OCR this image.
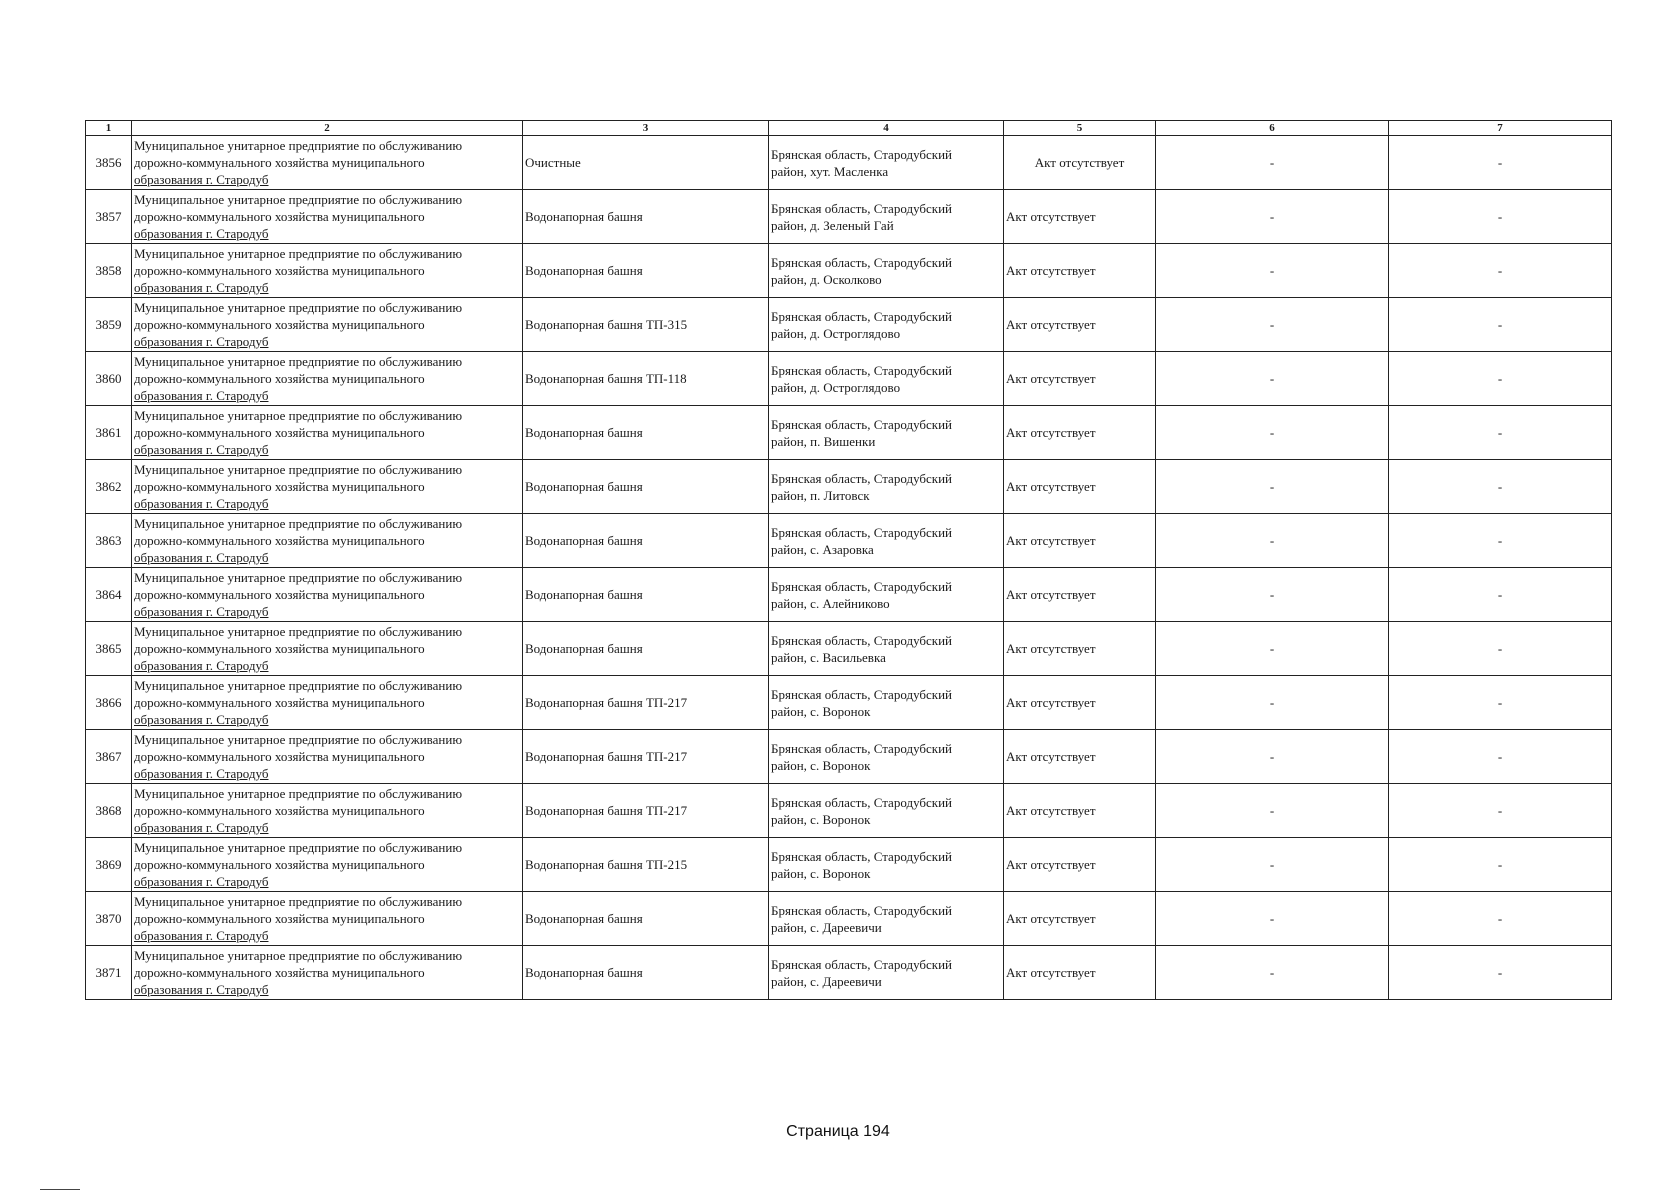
1	2	3	4	5	6	7
3856	Муниципальное унитарное предприятие по обслуживанию
дорожно-коммунального хозяйства муниципального
образования г. Стародуб	Очистные	Брянская область, Стародубский
район, хут. Масленка	Акт отсутствует	-	-
3857	Муниципальное унитарное предприятие по обслуживанию
дорожно-коммунального хозяйства муниципального
образования г. Стародуб	Водонапорная башня	Брянская область, Стародубский
район, д. Зеленый Гай	Акт отсутствует	-	-
3858	Муниципальное унитарное предприятие по обслуживанию
дорожно-коммунального хозяйства муниципального
образования г. Стародуб	Водонапорная башня	Брянская область, Стародубский
район, д. Осколково	Акт отсутствует	-	-
3859	Муниципальное унитарное предприятие по обслуживанию
дорожно-коммунального хозяйства муниципального
образования г. Стародуб	Водонапорная башня ТП-315	Брянская область, Стародубский
район, д. Остроглядово	Акт отсутствует	-	-
3860	Муниципальное унитарное предприятие по обслуживанию
дорожно-коммунального хозяйства муниципального
образования г. Стародуб	Водонапорная башня ТП-118	Брянская область, Стародубский
район, д. Остроглядово	Акт отсутствует	-	-
3861	Муниципальное унитарное предприятие по обслуживанию
дорожно-коммунального хозяйства муниципального
образования г. Стародуб	Водонапорная башня	Брянская область, Стародубский
район, п. Вишенки	Акт отсутствует	-	-
3862	Муниципальное унитарное предприятие по обслуживанию
дорожно-коммунального хозяйства муниципального
образования г. Стародуб	Водонапорная башня	Брянская область, Стародубский
район, п. Литовск	Акт отсутствует	-	-
3863	Муниципальное унитарное предприятие по обслуживанию
дорожно-коммунального хозяйства муниципального
образования г. Стародуб	Водонапорная башня	Брянская область, Стародубский
район, с. Азаровка	Акт отсутствует	-	-
3864	Муниципальное унитарное предприятие по обслуживанию
дорожно-коммунального хозяйства муниципального
образования г. Стародуб	Водонапорная башня	Брянская область, Стародубский
район, с. Алейниково	Акт отсутствует	-	-
3865	Муниципальное унитарное предприятие по обслуживанию
дорожно-коммунального хозяйства муниципального
образования г. Стародуб	Водонапорная башня	Брянская область, Стародубский
район, с. Васильевка	Акт отсутствует	-	-
3866	Муниципальное унитарное предприятие по обслуживанию
дорожно-коммунального хозяйства муниципального
образования г. Стародуб	Водонапорная башня ТП-217	Брянская область, Стародубский
район, с. Воронок	Акт отсутствует	-	-
3867	Муниципальное унитарное предприятие по обслуживанию
дорожно-коммунального хозяйства муниципального
образования г. Стародуб	Водонапорная башня ТП-217	Брянская область, Стародубский
район, с. Воронок	Акт отсутствует	-	-
3868	Муниципальное унитарное предприятие по обслуживанию
дорожно-коммунального хозяйства муниципального
образования г. Стародуб	Водонапорная башня ТП-217	Брянская область, Стародубский
район, с. Воронок	Акт отсутствует	-	-
3869	Муниципальное унитарное предприятие по обслуживанию
дорожно-коммунального хозяйства муниципального
образования г. Стародуб	Водонапорная башня ТП-215	Брянская область, Стародубский
район, с. Воронок	Акт отсутствует	-	-
3870	Муниципальное унитарное предприятие по обслуживанию
дорожно-коммунального хозяйства муниципального
образования г. Стародуб	Водонапорная башня	Брянская область, Стародубский
район, с. Дареевичи	Акт отсутствует	-	-
3871	Муниципальное унитарное предприятие по обслуживанию
дорожно-коммунального хозяйства муниципального
образования г. Стародуб	Водонапорная башня	Брянская область, Стародубский
район, с. Дареевичи	Акт отсутствует	-	-
Страница 194
